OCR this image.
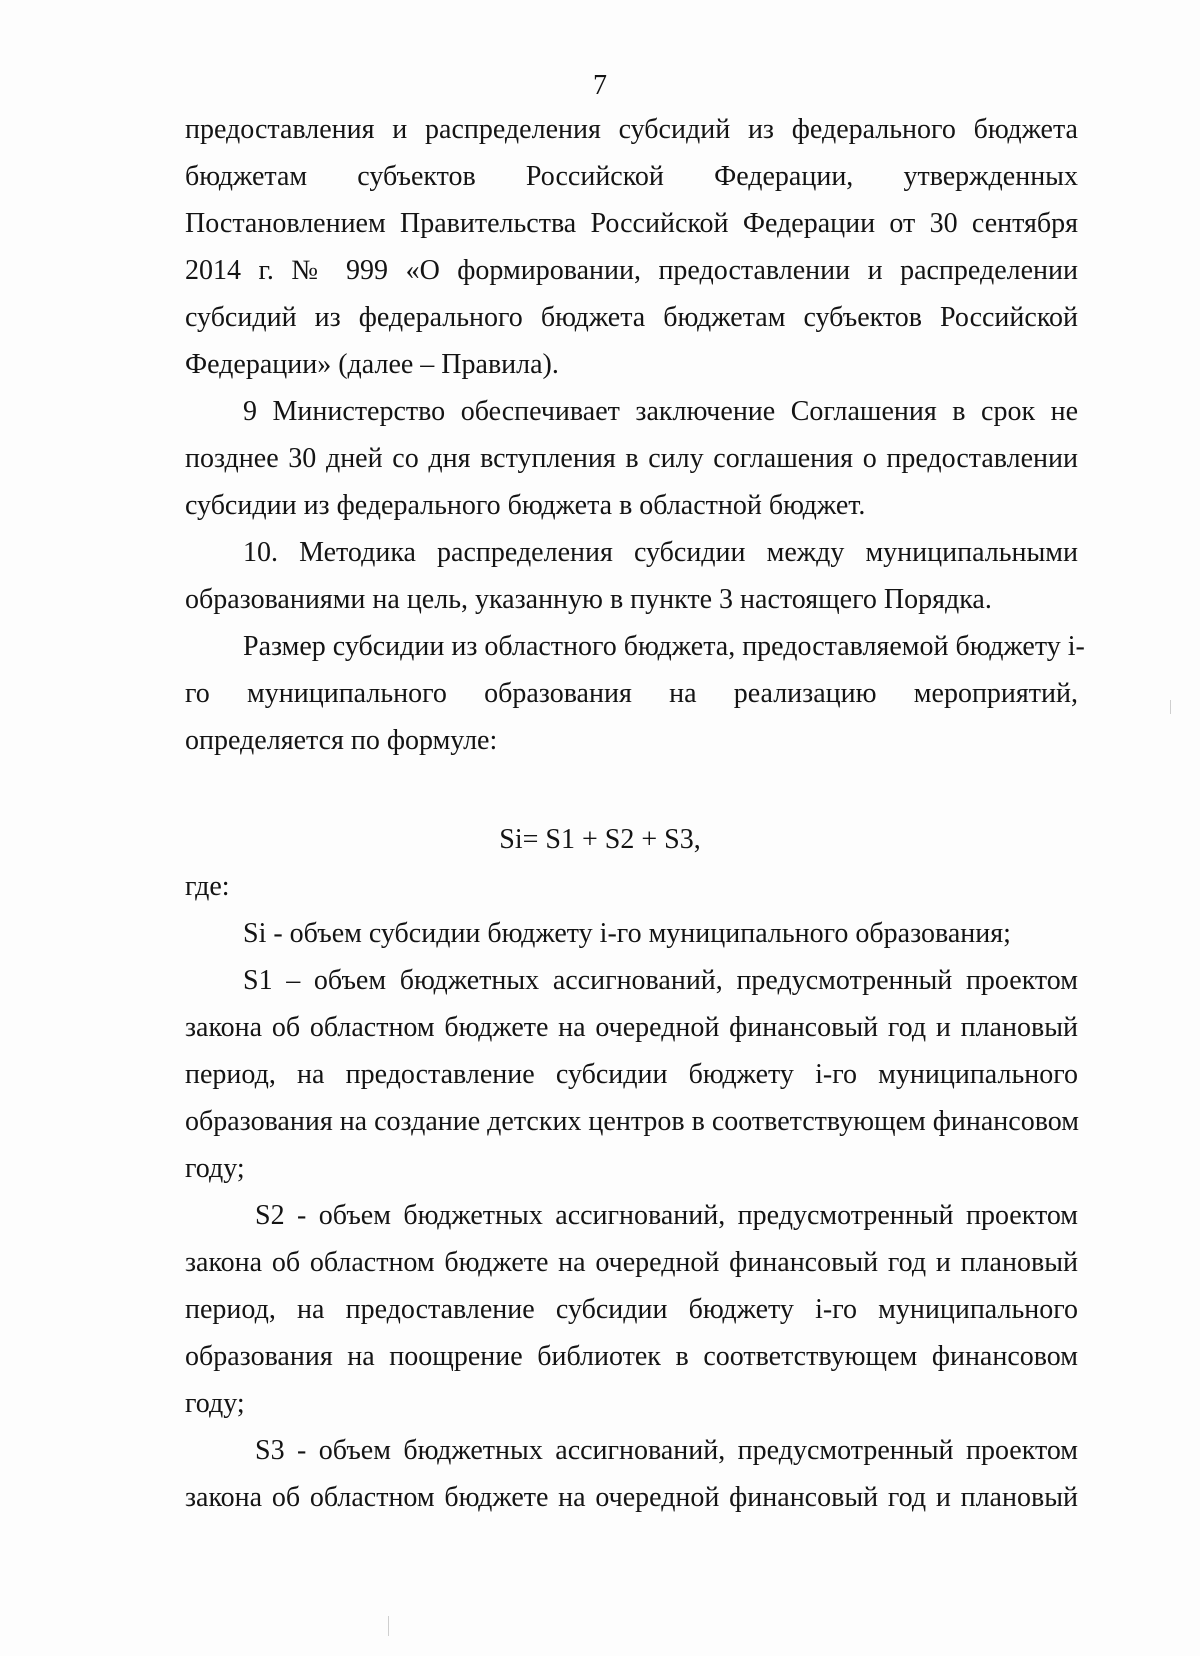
7
предоставления и распределения субсидий из федерального бюджета
бюджетам субъектов Российской Федерации, утвержденных
Постановлением Правительства Российской Федерации от 30 сентября
2014 г. № 999 «О формировании, предоставлении и распределении
субсидий из федерального бюджета бюджетам субъектов Российской
Федерации» (далее – Правила).
9 Министерство обеспечивает заключение Соглашения в срок не
позднее 30 дней со дня вступления в силу соглашения о предоставлении
субсидии из федерального бюджета в областной бюджет.
10. Методика распределения субсидии между муниципальными
образованиями на цель, указанную в пункте 3 настоящего Порядка.
Размер субсидии из областного бюджета, предоставляемой бюджету i-
го муниципального образования на реализацию мероприятий,
определяется по формуле:
Si= S1 + S2 + S3,
где:
Si - объем субсидии бюджету i-го муниципального образования;
S1 – объем бюджетных ассигнований, предусмотренный проектом
закона об областном бюджете на очередной финансовый год и плановый
период, на предоставление субсидии бюджету i-го муниципального
образования на создание детских центров в соответствующем финансовом
году;
S2 - объем бюджетных ассигнований, предусмотренный проектом
закона об областном бюджете на очередной финансовый год и плановый
период, на предоставление субсидии бюджету i-го муниципального
образования на поощрение библиотек в соответствующем финансовом
году;
S3 - объем бюджетных ассигнований, предусмотренный проектом
закона об областном бюджете на очередной финансовый год и плановый
